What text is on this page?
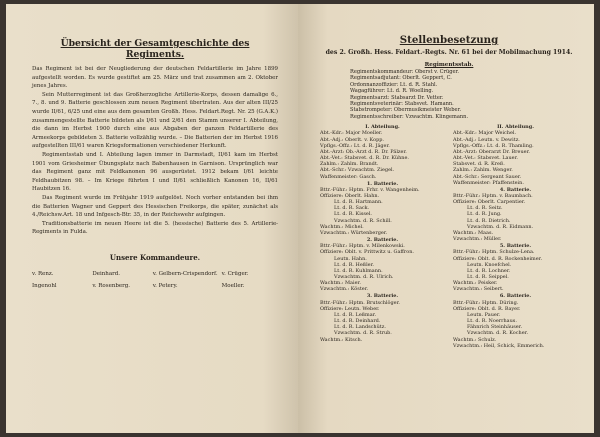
Übersicht der Gesamtgeschichte des Regiments.

Das Regiment ist bei der Neugliederung der deutschen Feldartillerie im Jahre 1899 aufgestellt worden. Es wurde gestiftet am 25. März und trat zusammen am 2. Oktober jenes Jahres.

Sein Mutterregiment ist das Großherzogliche Artillerie-Korps, dessen damalige 6., 7., 8. und 9. Batterie geschlossen zum neuen Regiment übertraten. Aus der alten III/25 wurde II/61, 6/25 und eine aus dem gesamten Großh. Hess. Feldart.Regt. Nr. 25 (G.A.K.) zusammengestellte Batterie bildeten als I/61 und 2/61 den Stamm unserer I. Abteilung, die dann im Herbst 1900 durch eine aus Abgaben der ganzen Feldartillerie des Armeekorps gebildeten 3. Batterie vollzählig wurde. – Die Batterien der im Herbst 1916 aufgestellten III/61 waren Kriegsformationen verschiedener Herkunft.

Regimentsstab und I. Abteilung lagen immer in Darmstadt, II/61 kam im Herbst 1901 vom Griesheimer Übungsplatz nach Babenhausen in Garnison. Ursprünglich war das Regiment ganz mit Feldkanonen 96 ausgerüstet. 1912 bekam I/61 leichte Feldhaubitzen 98. – Im Kriege führten I und II/61 schließlich Kanonen 16, II/61 Haubitzen 16.

Das Regiment wurde im Frühjahr 1919 aufgelöst. Noch vorher entstanden bei ihm die Batterien Wagner und Geppert des Hessischen Freikorps, die später, zunächst als 4./Reichsw.Art. 18 und Infgesch-Btr. 35, in der Reichswehr aufgingen.

Traditionsbatterie im neuen Heere ist die 5. (hessische) Batterie des 5. Artillerie-Regiments in Fulda.

Unsere Kommandeure.
v. Renz.	Deinhard.	v. Gelbern-Crispendorf. v. Crüger.
Ingenohl	v. Rosenberg.	v. Petery.	Moeller.
Stellenbesetzung
des 2. Großh. Hess. Feldart.-Regts. Nr. 61 bei der Mobilmachung 1914.
Regimentsstab.
Regimentskommandeur: Oberst v. Crüger.
Regimentsadjutant: Oberlt. Geppert, C.
Ordonnanzoffizier: Lt. d. R. Stahl.
Wagagführer: Lt. d. R. Woelling.
Regimentsarzt: Stabsarzt Dr. Vetter.
Regimentsveterinär: Stabsvet. Hamann.
Stabstrompeter: Obermusikmeister Weber.
Regimentsschreiber: Vzwachtm. Klingemann.
I. Abteilung.
Abt.-Kdr.: Major Moeller.
Abt.-Adj.: Oberlt. v. Kopp.
Vpflgs.-Offz.: Lt. d. R. Jäger.
Abt.-Arzt: Ob.-Arzt d. R. Dr. Pälzer.
Abt.-Vet.: Stabsvet. d. R. Dr. Kühne.
Zahlm.: Zahlm. Brandt.
Abt.-Schr.: Vzwachtm. Ziegel.
Waffenmeister: Gasch.
1. Batterie.
Bttr.-Führ.: Hptm. Frhr. v. Wangenheim.
Offiziere: Oberlt. Hahn.
Lt. d. R. Hartmann.
Lt. d. R. Sack.
Lt. d. R. Kissel.
Vzwachtm. d. R. Schill.
Wachtm.: Michel.
Vzwachtm.: Würtenberger.
2. Batterie.
Bttr.-Führ.: Hptm. v. Milenkowski.
Offiziere: Oblt. v. Prittwitz u. Gaffron.
Leutn. Hahn.
Lt. d. R. Heßler.
Lt. d. R. Kuhlmann.
Vzwachtm. d. R. Ulrich.
Wachtm.: Maier.
Vzwachtm.: Köster.
3. Batterie.
Bttr.-Führ.: Hptm. Brutschlöger.
Offiziere: Leutn. Weber.
Lt. d. R. Leßmar.
Lt. d. R. Deinhard.
Lt. d. R. Landschütz.
Vzwachtm. d. R. Strub.
Wachtm.: Kitsch.
II. Abteilung.
Abt.-Kdr.: Major Weichel.
Abt.-Adj.: Leutn. v. Dewitz.
Vpflgs.-Offz.: Lt. d. R. Thamling.
Abt.-Arzt: Oberarzt Dr. Breuer.
Abt.-Vet.: Stabsvet. Lauer.
Stabsvet. d. R. Kreß.
Zahlm.: Zahlm. Wenger.
Abt.-Schr.: Sergeant Sauer.
Waffenmeister: Pfaffenstein.
4. Batterie.
Bttr.-Führ.: Hptm. v. Baumbach.
Offiziere: Oberlt. Carpentier.
Lt. d. R. Seitz.
Lt. d. R. Jung.
Lt. d. R. Dietrich.
Vzwachtm. d. R. Eidmann.
Wachtm.: Maas.
Vzwachtm.: Müller.
5. Batterie.
Bttr.-Führ.: Hptm. Schulze-Lena.
Offiziere: Oblt. d. R. Rockenheimer.
Leutn. Knoefchel.
Lt. d. R. Lochner.
Lt. d. R. Seippel.
Wachtm.: Peisker.
Vzwachtm.: Seibert.
6. Batterie.
Bttr.-Führ.: Hptm. Düring.
Offiziere: Oblt. d. R. Bayer.
Leutn. Pauer.
Lt. d. R. Noerrhaus.
Fähnrich Steinhäuser.
Vzwachtm. d. R. Kocher.
Wachtm.: Schulz.
Vzwachtm.: Heil, Schick, Emmerich.
